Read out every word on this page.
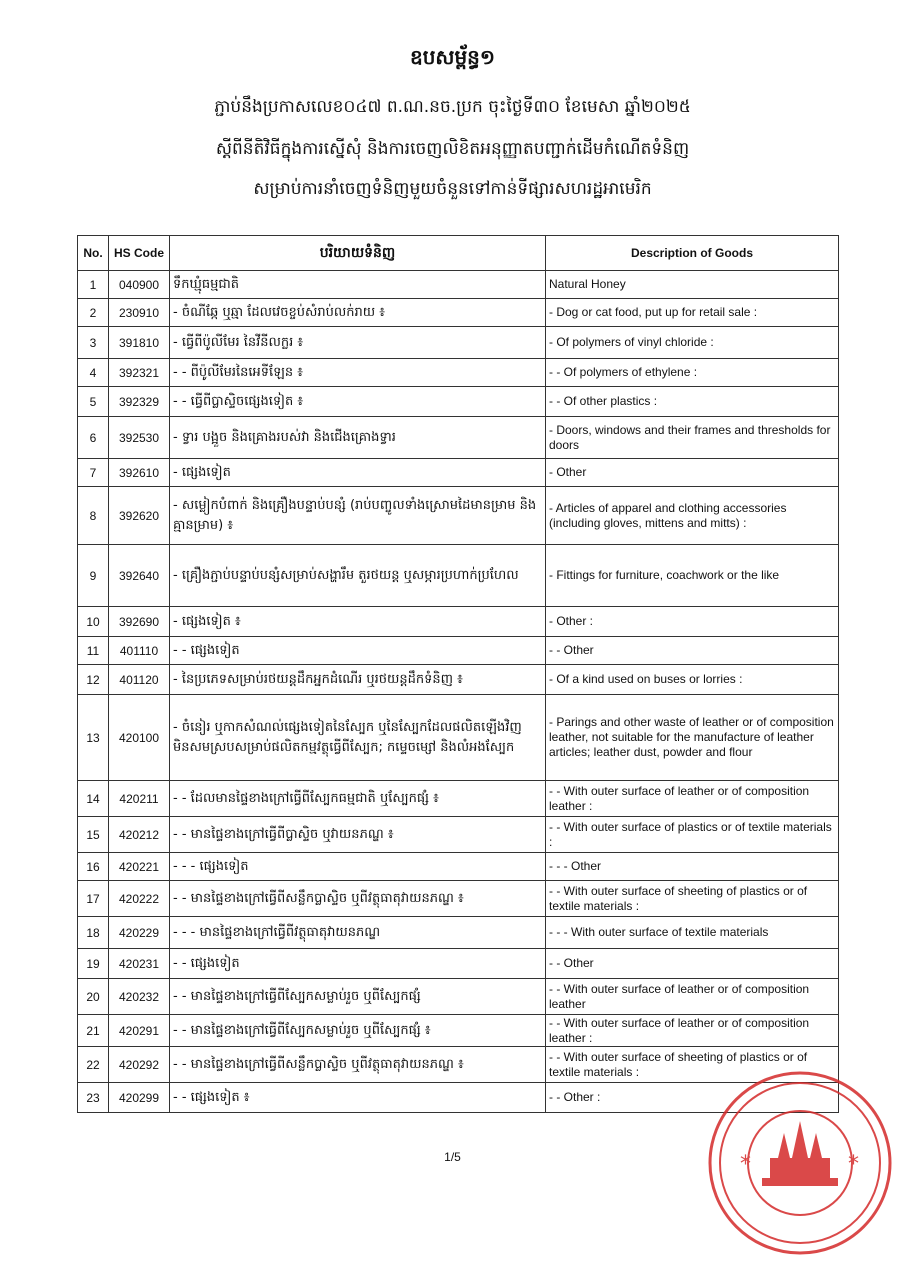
ឧបសម្ព័ន្ធ១
ភ្ជាប់នឹងប្រកាសលេខ០៤៧ ព.ណ.នច.ប្រក ចុះថ្ងៃទី៣០ ខែមេសា ឆ្នាំ២០២៥
ស្តីពីនីតិវិធីក្នុងការស្នើសុំ និងការចេញលិខិតអនុញ្ញាតបញ្ជាក់ដើមកំណើតទំនិញ
សម្រាប់ការនាំចេញទំនិញមួយចំនួនទៅកាន់ទីផ្សារសហរដ្ឋអាមេរិក
No.	HS Code	បរិយាយទំនិញ	Description of Goods
1	040900	ទឹកឃ្មុំធម្មជាតិ	Natural Honey
2	230910	- ចំណីឆ្កែ ឬឆ្មា ដែលវេចខ្ចប់សំរាប់លក់រាយ ៖	- Dog or cat food, put up for retail sale :
3	391810	- ធ្វើពីប៉ូលីមែរ នៃវីនីលក្លរ ៖	- Of polymers of vinyl chloride :
4	392321	- - ពីប៉ូលីមែរនៃអេទីឡែន ៖	- - Of polymers of ethylene :
5	392329	- - ធ្វើពីប្លាស្ទិចផ្សេងទៀត ៖	- - Of other plastics :
6	392530	- ទ្វារ បង្អួច និងគ្រោងរបស់វា និងជើងគ្រោងទ្វារ	- Doors, windows and their frames and thresholds for doors
7	392610	- ផ្សេងទៀត	- Other
8	392620	- សម្លៀកបំពាក់ និងគ្រឿងបន្ទាប់បន្សំ (រាប់បញ្ចូលទាំងស្រោមដៃមានម្រាម និងគ្មានម្រាម) ៖	- Articles of apparel and clothing accessories (including gloves, mittens and mitts) :
9	392640	- គ្រឿងភ្ជាប់បន្ទាប់បន្សំសម្រាប់សង្ហារឹម តួរថយន្ត ឬសម្ភារប្រហាក់ប្រហែល	- Fittings for furniture, coachwork or the like
10	392690	- ផ្សេងទៀត ៖	- Other :
11	401110	- - ផ្សេងទៀត	- - Other
12	401120	- នៃប្រភេទសម្រាប់រថយន្តដឹកអ្នកដំណើរ ឬរថយន្តដឹកទំនិញ ៖	- Of a kind used on buses or lorries :
13	420100	- ចំនៀរ ឬកាកសំណល់ផ្សេងទៀតនៃស្បែក ឬនៃស្បែកដែលផលិតឡើងវិញ មិនសមស្របសម្រាប់ផលិតកម្មវត្ថុធ្វើពីស្បែក; កម្ទេចម្សៅ និងលំអងស្បែក	- Parings and other waste of leather or of composition leather, not suitable for the manufacture of leather articles; leather dust, powder and flour
14	420211	- - ដែលមានផ្ទៃខាងក្រៅធ្វើពីស្បែកធម្មជាតិ ឬស្បែកផ្សំ ៖	- - With outer surface of leather or of composition leather :
15	420212	- - មានផ្ទៃខាងក្រៅធ្វើពីប្លាស្ទិច ឬវាយនភណ្ឌ ៖	- - With outer surface of plastics or of textile materials :
16	420221	- - - ផ្សេងទៀត	- - - Other
17	420222	- - មានផ្ទៃខាងក្រៅធ្វើពីសន្លឹកប្លាស្ទិច ឬពីវត្ថុធាតុវាយនភណ្ឌ ៖	- - With outer surface of sheeting of plastics or of textile materials :
18	420229	- - - មានផ្ទៃខាងក្រៅធ្វើពីវត្ថុធាតុវាយនភណ្ឌ	- - - With outer surface of textile materials
19	420231	- - ផ្សេងទៀត	- - Other
20	420232	- - មានផ្ទៃខាងក្រៅធ្វើពីស្បែកសម្លាប់រួច ឬពីស្បែកផ្សំ	- - With outer surface of leather or of composition leather
21	420291	- - មានផ្ទៃខាងក្រៅធ្វើពីស្បែកសម្លាប់រួច ឬពីស្បែកផ្សំ ៖	- - With outer surface of leather or of composition leather :
22	420292	- - មានផ្ទៃខាងក្រៅធ្វើពីសន្លឹកប្លាស្ទិច ឬពីវត្ថុធាតុវាយនភណ្ឌ ៖	- - With outer surface of sheeting of plastics or of textile materials :
23	420299	- - ផ្សេងទៀត ៖	- - Other :
1/5	*	*
